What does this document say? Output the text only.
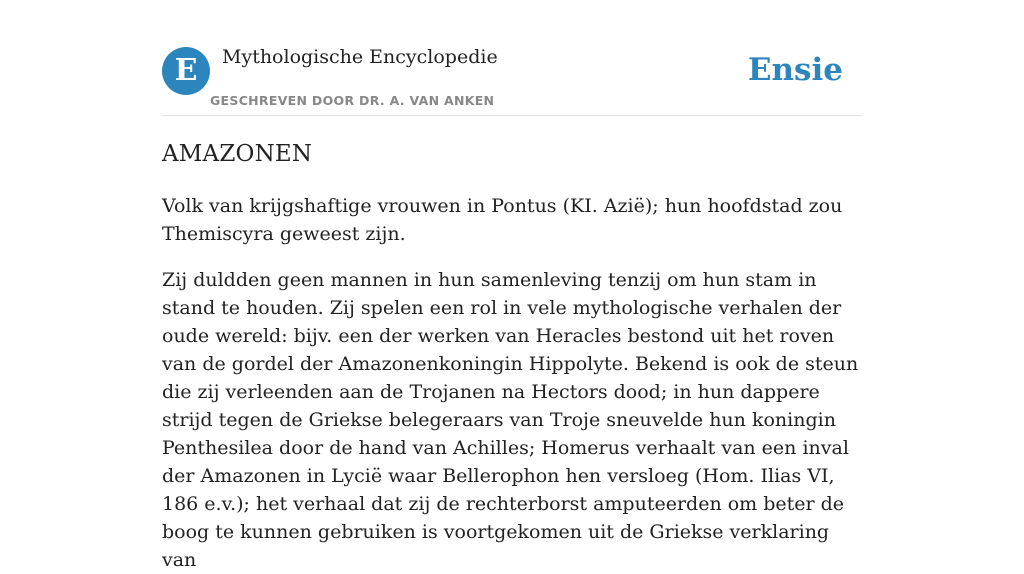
E	Mythologische Encyclopedie
GESCHREVEN DOOR DR. A. VAN ANKEN
Ensie
AMAZONEN

Volk van krijgshaftige vrouwen in Pontus (KI. Azië); hun hoofdstad zou Themiscyra geweest zijn.

Zij duldden geen mannen in hun samenleving tenzij om hun stam in stand te houden. Zij spelen een rol in vele mythologische verhalen der oude wereld: bijv. een der werken van Heracles bestond uit het roven van de gordel der Amazonenkoningin Hippolyte. Bekend is ook de steun die zij verleenden aan de Trojanen na Hectors dood; in hun dappere strijd tegen de Griekse belegeraars van Troje sneuvelde hun koningin Penthesilea door de hand van Achilles; Homerus verhaalt van een inval der Amazonen in Lycië waar Bellerophon hen versloeg (Hom. Ilias VI, 186 e.v.); het verhaal dat zij de rechterborst amputeerden om beter de boog te kunnen gebruiken is voortgekomen uit de Griekse verklaring van
